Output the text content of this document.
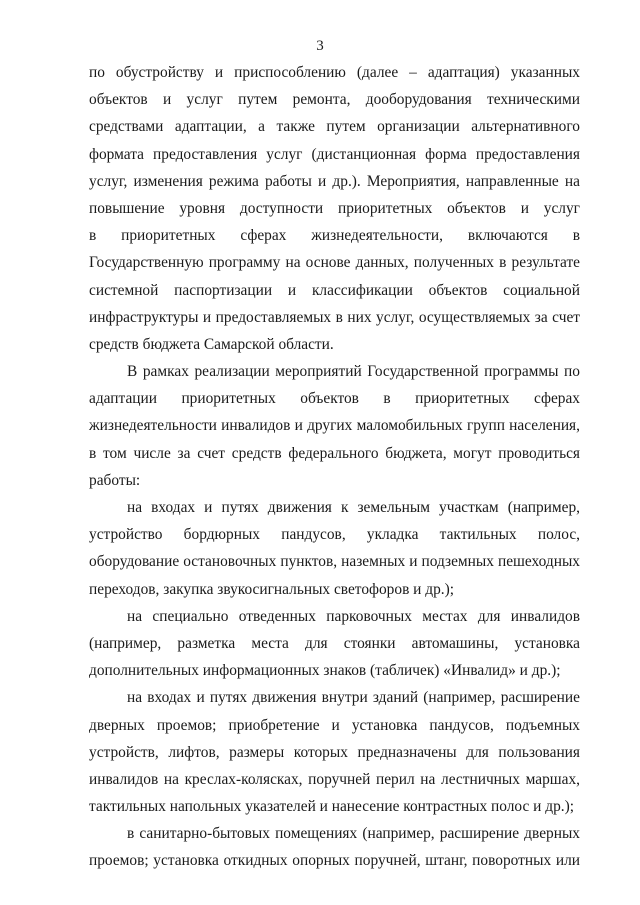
3
по обустройству и приспособлению (далее – адаптация) указанных
объектов и услуг путем ремонта, дооборудования техническими
средствами адаптации, а также путем организации альтернативного
формата предоставления услуг (дистанционная форма предоставления
услуг, изменения режима работы и др.). Мероприятия, направленные на
повышение уровня доступности приоритетных объектов и услуг
в приоритетных сферах жизнедеятельности, включаются в
Государственную программу на основе данных, полученных в результате
системной паспортизации и классификации объектов социальной
инфраструктуры и предоставляемых в них услуг, осуществляемых за счет
средств бюджета Самарской области.
В рамках реализации мероприятий Государственной программы по
адаптации приоритетных объектов в приоритетных сферах
жизнедеятельности инвалидов и других маломобильных групп населения,
в том числе за счет средств федерального бюджета, могут проводиться
работы:
на входах и путях движения к земельным участкам (например,
устройство бордюрных пандусов, укладка тактильных полос,
оборудование остановочных пунктов, наземных и подземных пешеходных
переходов, закупка звукосигнальных светофоров и др.);
на специально отведенных парковочных местах для инвалидов
(например, разметка места для стоянки автомашины, установка
дополнительных информационных знаков (табличек) «Инвалид» и др.);
на входах и путях движения внутри зданий (например, расширение
дверных проемов; приобретение и установка пандусов, подъемных
устройств, лифтов, размеры которых предназначены для пользования
инвалидов на креслах-колясках, поручней перил на лестничных маршах,
тактильных напольных указателей и нанесение контрастных полос и др.);
в санитарно-бытовых помещениях (например, расширение дверных
проемов; установка откидных опорных поручней, штанг, поворотных или
